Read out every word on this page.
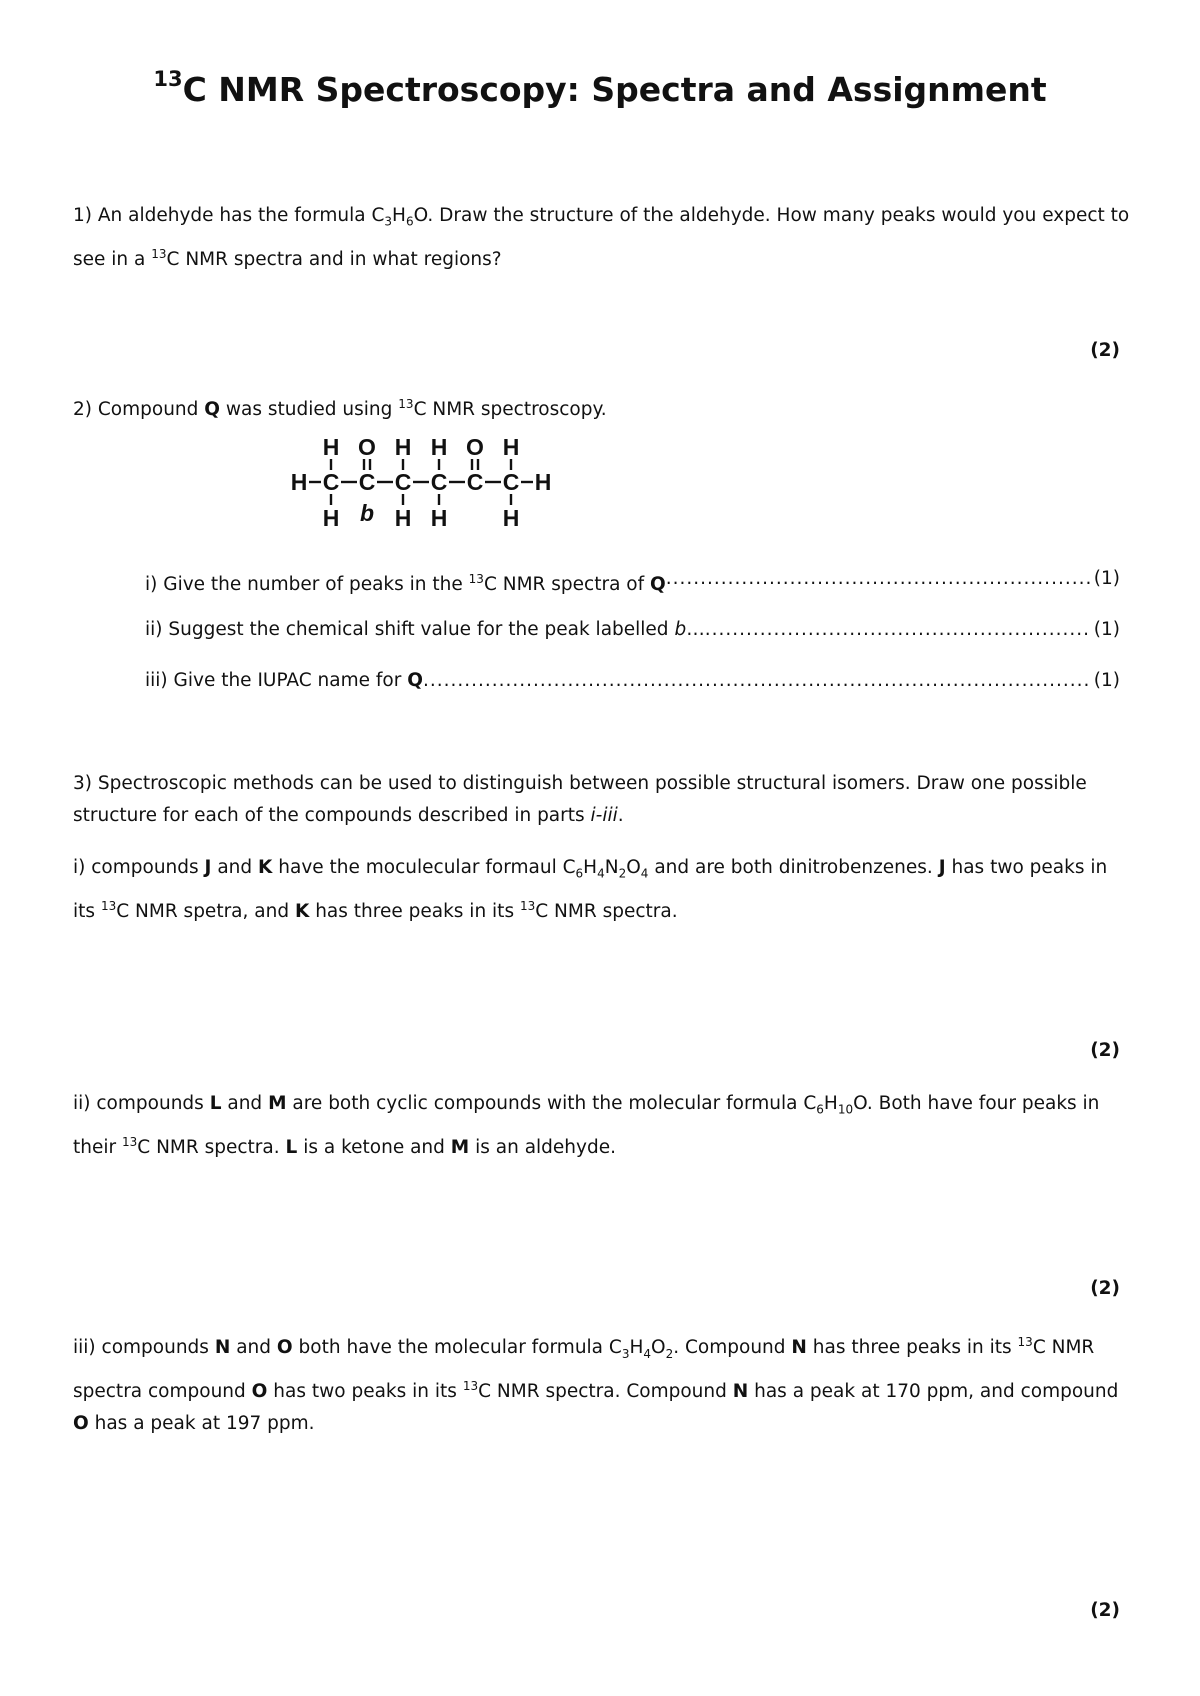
$^{13}$C NMR Spectroscopy: Spectra and Assignment

1) An aldehyde has the formula $C_3H_6O$. Draw the structure of the aldehyde. How many peaks would you expect to see in a $^{13}$C NMR spectra and in what regions?

(2)

2) Compound Q was studied using $^{13}$C NMR spectroscopy.

H O H H O H
H C C C C C C H
H b H H H
i) Give the number of peaks in the $^{13}$C NMR spectra of Q .....	(1)
ii) Suggest the chemical shift value for the peak labelled b… .....	(1)
iii) Give the IUPAC name for Q .....	(1)

3) Spectroscopic methods can be used to distinguish between possible structural isomers. Draw one possible structure for each of the compounds described in parts i-iii.

i) compounds J and K have the moculecular formaul $C_6H_4N_2O_4$ and are both dinitrobenzenes. J has two peaks in its $^{13}$C NMR spetra, and K has three peaks in its $^{13}$C NMR spectra.

(2)

ii) compounds L and M are both cyclic compounds with the molecular formula $C_6H_{10}O$. Both have four peaks in their $^{13}$C NMR spectra. L is a ketone and M is an aldehyde.

(2)

iii) compounds N and O both have the molecular formula $C_3H_4O_2$. Compound N has three peaks in its $^{13}$C NMR spectra compound O has two peaks in its $^{13}$C NMR spectra. Compound N has a peak at 170 ppm, and compound O has a peak at 197 ppm.

(2)
